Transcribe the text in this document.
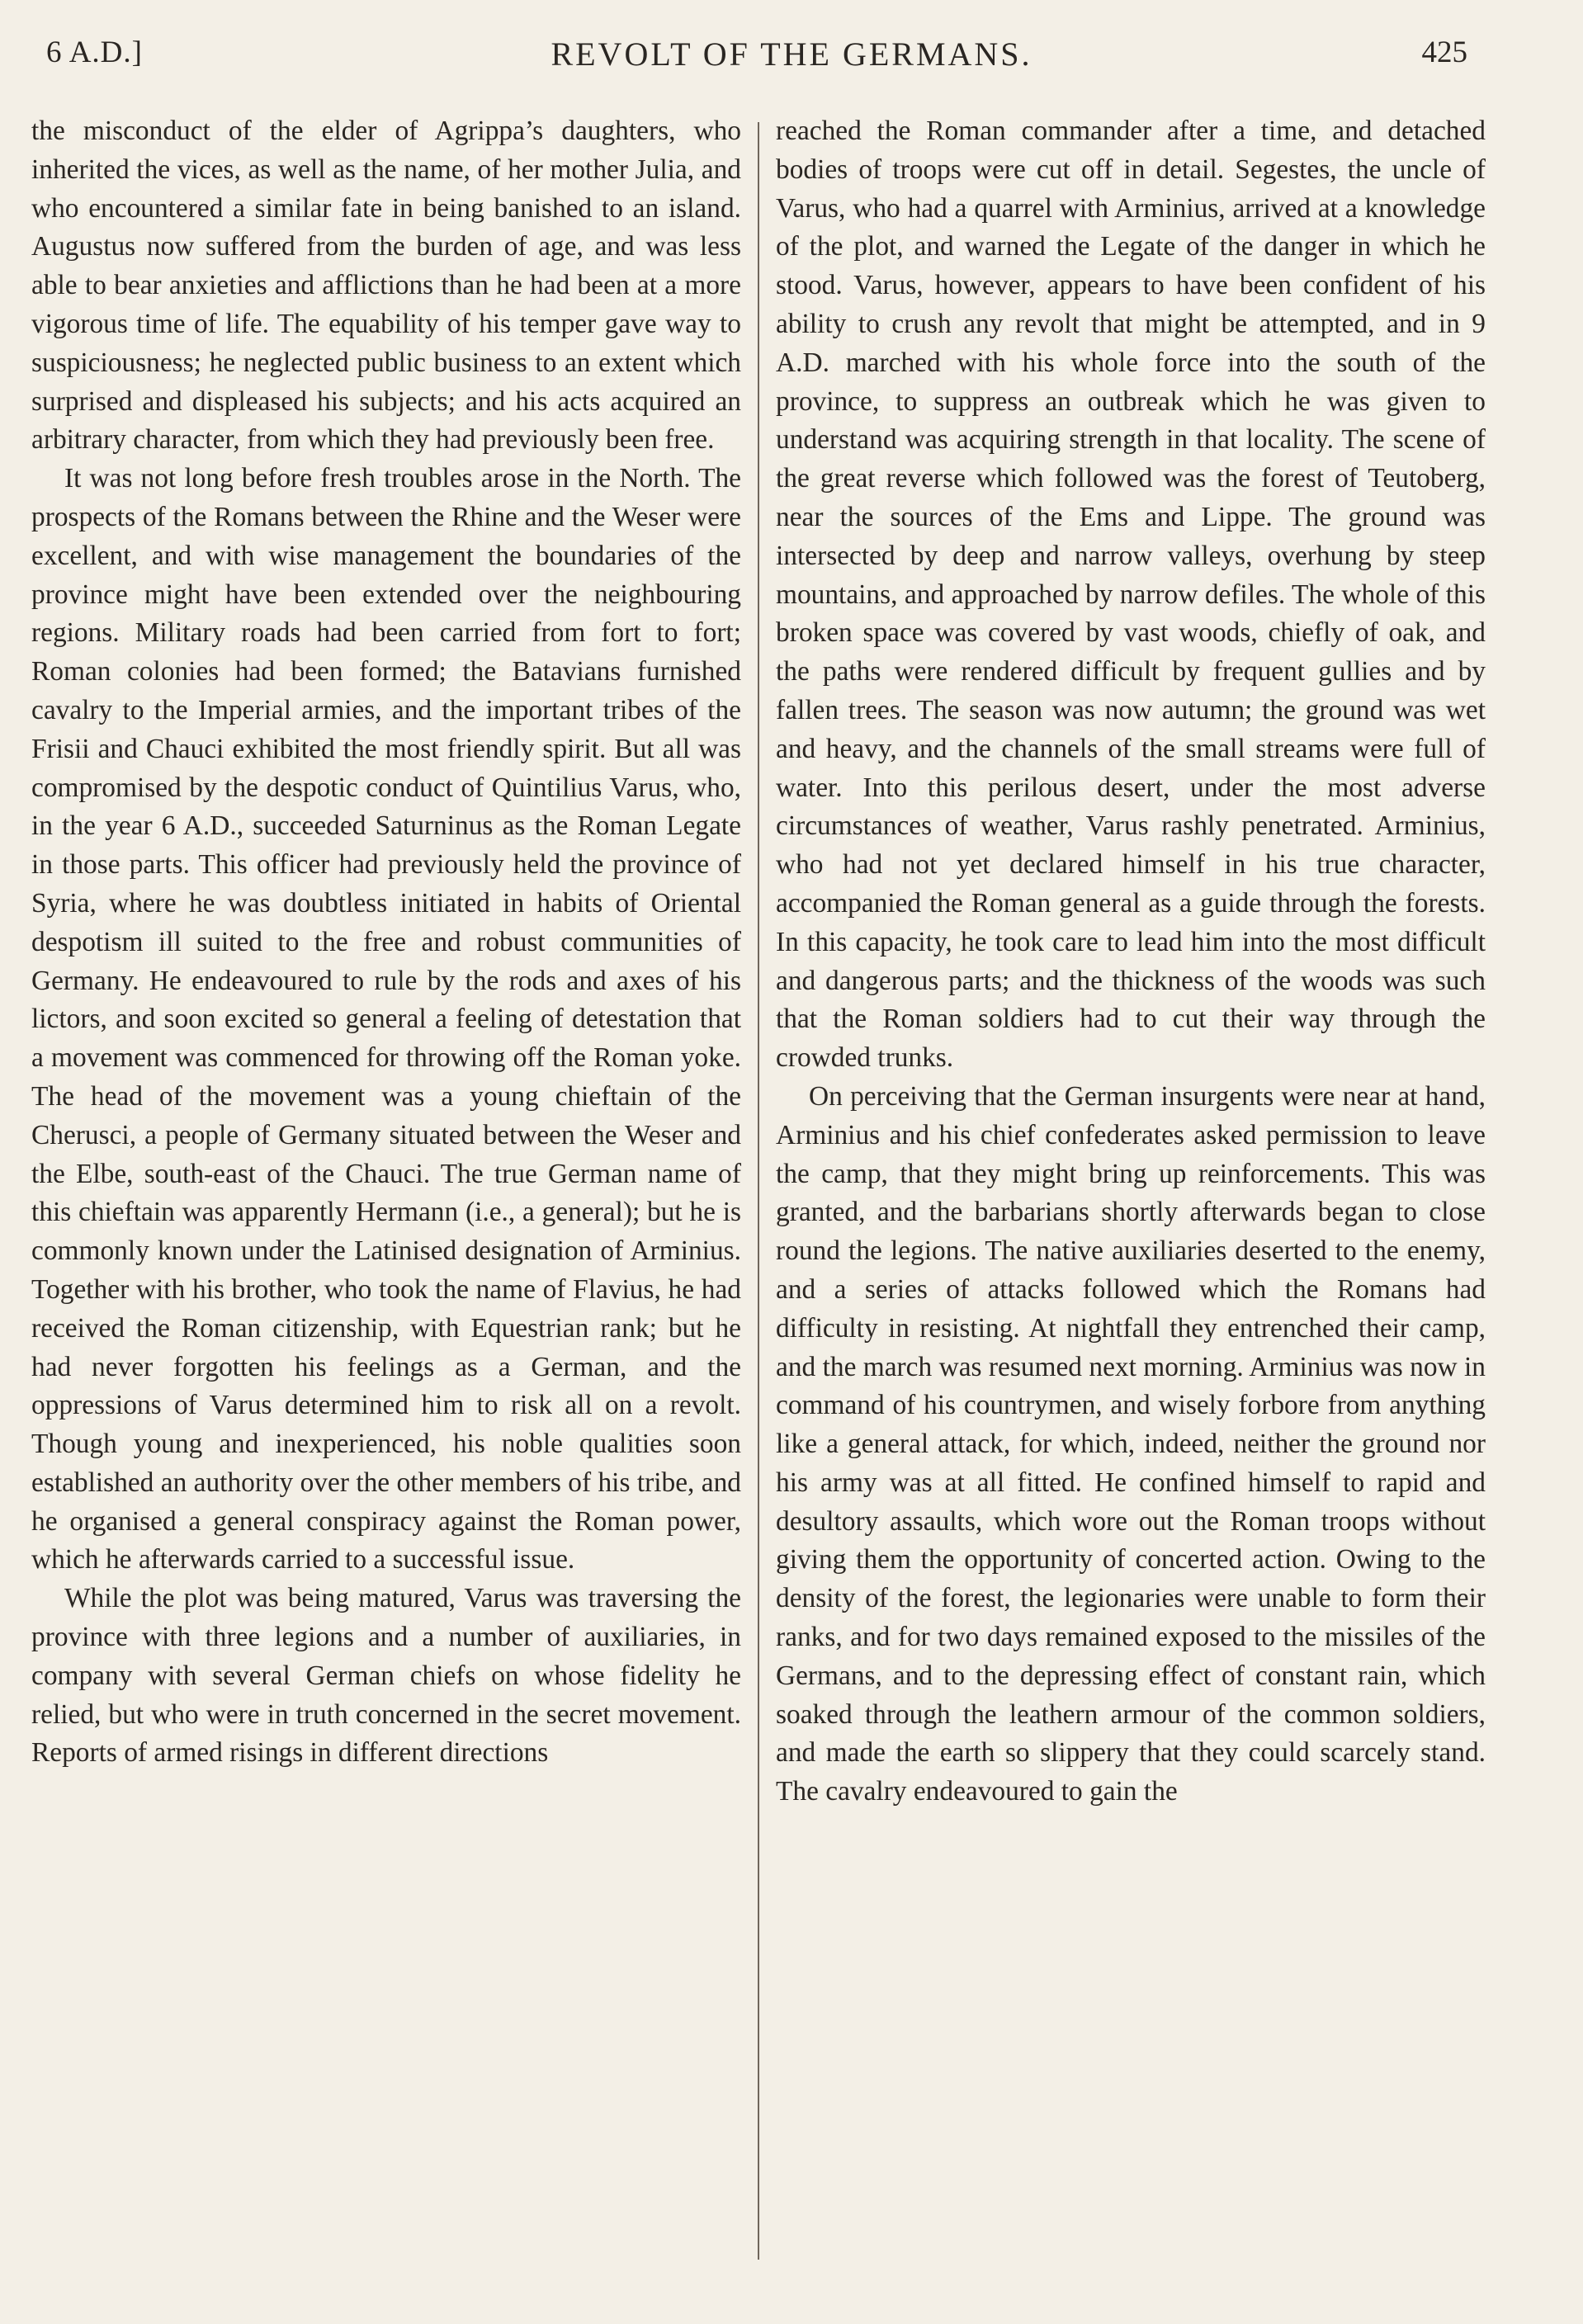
6 A.D.]	REVOLT OF THE GERMANS.	425

the misconduct of the elder of Agrippa’s daughters, who inherited the vices, as well as the name, of her mother Julia, and who encountered a similar fate in being banished to an island. Augustus now suffered from the burden of age, and was less able to bear anxieties and afflictions than he had been at a more vigorous time of life. The equability of his temper gave way to suspiciousness; he neglected public business to an extent which surprised and displeased his subjects; and his acts acquired an arbitrary character, from which they had previously been free.

It was not long before fresh troubles arose in the North. The prospects of the Romans between the Rhine and the Weser were excellent, and with wise management the boundaries of the province might have been extended over the neighbouring regions. Military roads had been carried from fort to fort; Roman colonies had been formed; the Batavians furnished cavalry to the Imperial armies, and the important tribes of the Frisii and Chauci exhibited the most friendly spirit. But all was compromised by the despotic conduct of Quintilius Varus, who, in the year 6 A.D., succeeded Saturninus as the Roman Legate in those parts. This officer had previously held the province of Syria, where he was doubtless initiated in habits of Oriental despotism ill suited to the free and robust communities of Germany. He endeavoured to rule by the rods and axes of his lictors, and soon excited so general a feeling of detestation that a movement was commenced for throwing off the Roman yoke. The head of the movement was a young chieftain of the Cherusci, a people of Germany situated between the Weser and the Elbe, south-east of the Chauci. The true German name of this chieftain was apparently Hermann (i.e., a general); but he is commonly known under the Latinised designation of Arminius. Together with his brother, who took the name of Flavius, he had received the Roman citizenship, with Equestrian rank; but he had never forgotten his feelings as a German, and the oppressions of Varus determined him to risk all on a revolt. Though young and inexperienced, his noble qualities soon established an authority over the other members of his tribe, and he organised a general conspiracy against the Roman power, which he afterwards carried to a successful issue.

While the plot was being matured, Varus was traversing the province with three legions and a number of auxiliaries, in company with several German chiefs on whose fidelity he relied, but who were in truth concerned in the secret movement. Reports of armed risings in different directions

reached the Roman commander after a time, and detached bodies of troops were cut off in detail. Segestes, the uncle of Varus, who had a quarrel with Arminius, arrived at a knowledge of the plot, and warned the Legate of the danger in which he stood. Varus, however, appears to have been confident of his ability to crush any revolt that might be attempted, and in 9 A.D. marched with his whole force into the south of the province, to suppress an outbreak which he was given to understand was acquiring strength in that locality. The scene of the great reverse which followed was the forest of Teutoberg, near the sources of the Ems and Lippe. The ground was intersected by deep and narrow valleys, overhung by steep mountains, and approached by narrow defiles. The whole of this broken space was covered by vast woods, chiefly of oak, and the paths were rendered difficult by frequent gullies and by fallen trees. The season was now autumn; the ground was wet and heavy, and the channels of the small streams were full of water. Into this perilous desert, under the most adverse circumstances of weather, Varus rashly penetrated. Arminius, who had not yet declared himself in his true character, accompanied the Roman general as a guide through the forests. In this capacity, he took care to lead him into the most difficult and dangerous parts; and the thickness of the woods was such that the Roman soldiers had to cut their way through the crowded trunks.

On perceiving that the German insurgents were near at hand, Arminius and his chief confederates asked permission to leave the camp, that they might bring up reinforcements. This was granted, and the barbarians shortly afterwards began to close round the legions. The native auxiliaries deserted to the enemy, and a series of attacks followed which the Romans had difficulty in resisting. At nightfall they entrenched their camp, and the march was resumed next morning. Arminius was now in command of his countrymen, and wisely forbore from anything like a general attack, for which, indeed, neither the ground nor his army was at all fitted. He confined himself to rapid and desultory assaults, which wore out the Roman troops without giving them the opportunity of concerted action. Owing to the density of the forest, the legionaries were unable to form their ranks, and for two days remained exposed to the missiles of the Germans, and to the depressing effect of constant rain, which soaked through the leathern armour of the common soldiers, and made the earth so slippery that they could scarcely stand. The cavalry endeavoured to gain the
